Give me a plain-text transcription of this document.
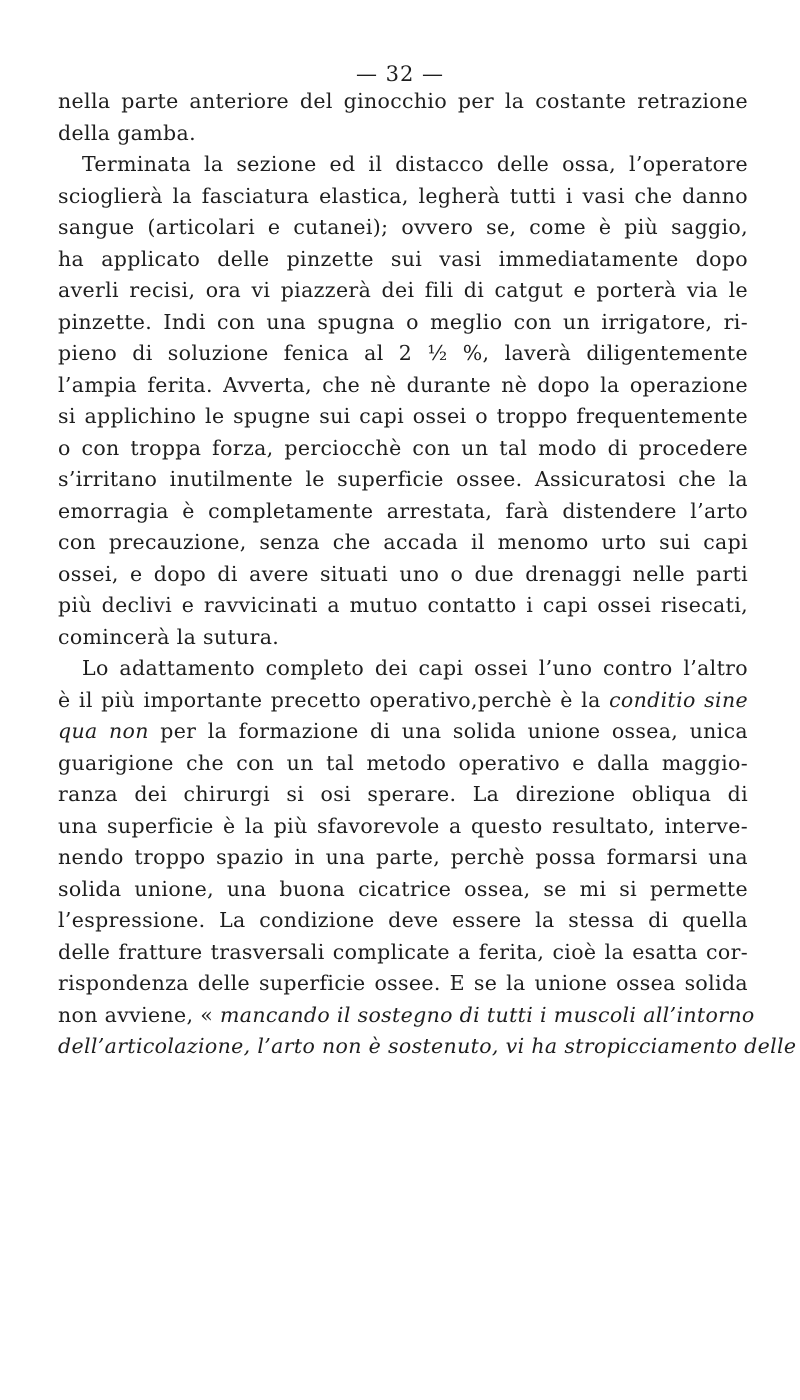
— 32 —
nella parte anteriore del ginocchio per la costante retrazione
della gamba.
Terminata la sezione ed il distacco delle ossa, l’operatore
scioglierà la fasciatura elastica, legherà tutti i vasi che danno
sangue (articolari e cutanei); ovvero se, come è più saggio,
ha applicato delle pinzette sui vasi immediatamente dopo
averli recisi, ora vi piazzerà dei fili di catgut e porterà via le
pinzette. Indi con una spugna o meglio con un irrigatore, ri-
pieno di soluzione fenica al 2 ½ %, laverà diligentemente
l’ampia ferita. Avverta, che nè durante nè dopo la operazione
si applichino le spugne sui capi ossei o troppo frequentemente
o con troppa forza, perciocchè con un tal modo di procedere
s’irritano inutilmente le superficie ossee. Assicuratosi che la
emorragia è completamente arrestata, farà distendere l’arto
con precauzione, senza che accada il menomo urto sui capi
ossei, e dopo di avere situati uno o due drenaggi nelle parti
più declivi e ravvicinati a mutuo contatto i capi ossei risecati,
comincerà la sutura.
Lo adattamento completo dei capi ossei l’uno contro l’altro
è il più importante precetto operativo,perchè è la conditio sine
qua non per la formazione di una solida unione ossea, unica
guarigione che con un tal metodo operativo e dalla maggio-
ranza dei chirurgi si osi sperare. La direzione obliqua di
una superficie è la più sfavorevole a questo resultato, interve-
nendo troppo spazio in una parte, perchè possa formarsi una
solida unione, una buona cicatrice ossea, se mi si permette
l’espressione. La condizione deve essere la stessa di quella
delle fratture trasversali complicate a ferita, cioè la esatta cor-
rispondenza delle superficie ossee. E se la unione ossea solida
non avviene, « mancando il sostegno di tutti i muscoli all’intorno
dell’articolazione, l’arto non è sostenuto, vi ha stropicciamento delle
